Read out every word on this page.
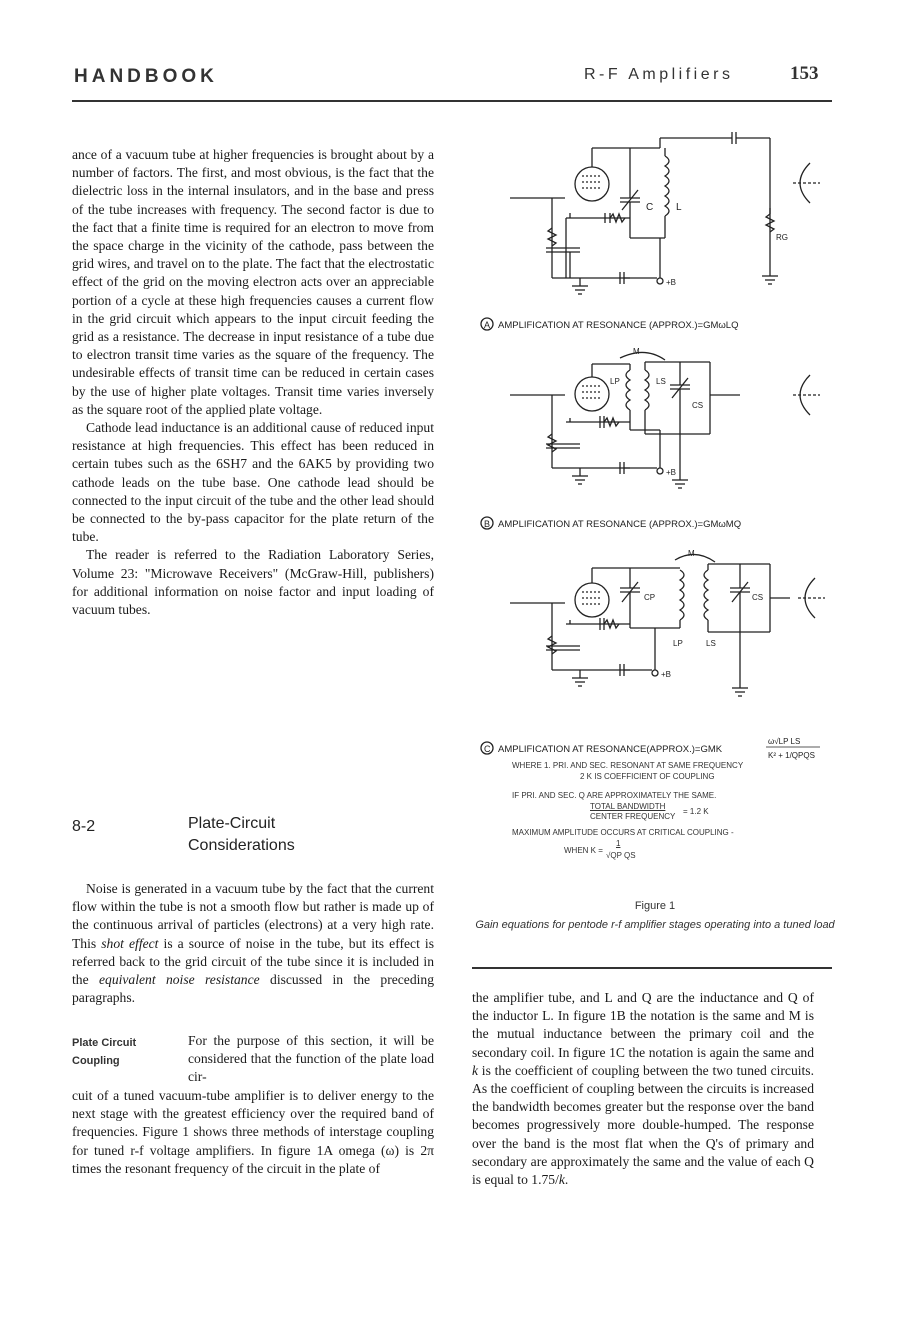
HANDBOOK	R-F Amplifiers	153

ance of a vacuum tube at higher frequencies is brought about by a number of factors. The first, and most obvious, is the fact that the dielectric loss in the internal insulators, and in the base and press of the tube increases with frequency. The second factor is due to the fact that a finite time is required for an electron to move from the space charge in the vicinity of the cathode, pass between the grid wires, and travel on to the plate. The fact that the electrostatic effect of the grid on the moving electron acts over an appreciable portion of a cycle at these high frequencies causes a current flow in the grid circuit which appears to the input circuit feeding the grid as a resistance. The decrease in input resistance of a tube due to electron transit time varies as the square of the frequency. The undesirable effects of transit time can be reduced in certain cases by the use of higher plate voltages. Transit time varies inversely as the square root of the applied plate voltage.

Cathode lead inductance is an additional cause of reduced input resistance at high frequencies. This effect has been reduced in certain tubes such as the 6SH7 and the 6AK5 by providing two cathode leads on the tube base. One cathode lead should be connected to the input circuit of the tube and the other lead should be connected to the by-pass capacitor for the plate return of the tube.

The reader is referred to the Radiation Laboratory Series, Volume 23: "Microwave Receivers" (McGraw-Hill, publishers) for additional information on noise factor and input loading of vacuum tubes.

8-2	Plate-Circuit
Considerations

Noise is generated in a vacuum tube by the fact that the current flow within the tube is not a smooth flow but rather is made up of the continuous arrival of particles (electrons) at a very high rate. This shot effect is a source of noise in the tube, but its effect is referred back to the grid circuit of the tube since it is included in the equivalent noise resistance discussed in the preceding paragraphs.

Plate Circuit
Coupling
For the purpose of this section, it will be considered that the function of the plate load cir-
cuit of a tuned vacuum-tube amplifier is to deliver energy to the next stage with the greatest efficiency over the required band of frequencies. Figure 1 shows three methods of interstage coupling for tuned r-f voltage amplifiers. In figure 1A omega (ω) is 2π times the resonant frequency of the circuit in the plate of

the amplifier tube, and L and Q are the inductance and Q of the inductor L. In figure 1B the notation is the same and M is the mutual inductance between the primary coil and the secondary coil. In figure 1C the notation is again the same and k is the coefficient of coupling between the two tuned circuits. As the coefficient of coupling between the circuits is increased the bandwidth becomes greater but the response over the band becomes progressively more double-humped. The response over the band is the most flat when the Q's of primary and secondary are approximately the same and the value of each Q is equal to 1.75/k.

C L
RG
+B
A AMPLIFICATION AT RESONANCE (APPROX.)=GMωLQ
M
LP	LS
CS
+B
B AMPLIFICATION AT RESONANCE (APPROX.)=GMωMQ
M
CP	CS
LP	LS
+B
C AMPLIFICATION AT RESONANCE(APPROX.)=GMK
ω√LP LS
K² + 1/QPQS
WHERE 1. PRI. AND SEC. RESONANT AT SAME FREQUENCY
2 K IS COEFFICIENT OF COUPLING
IF PRI. AND SEC. Q ARE APPROXIMATELY THE SAME.
TOTAL BANDWIDTH
CENTER FREQUENCY
= 1.2 K
MAXIMUM AMPLITUDE OCCURS AT CRITICAL COUPLING -
WHEN K =
1
√QP QS
Figure 1
Gain equations for pentode r-f amplifier stages operating into a tuned load
